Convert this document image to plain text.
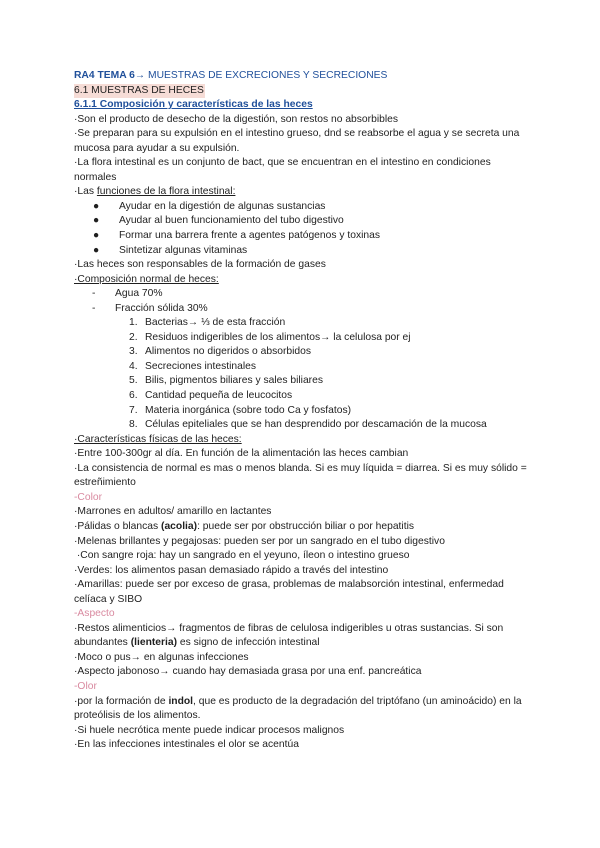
RA4 TEMA 6→ MUESTRAS DE EXCRECIONES Y SECRECIONES
6.1 MUESTRAS DE HECES
6.1.1 Composición y características de las heces
·Son el producto de desecho de la digestión, son restos no absorbibles
·Se preparan para su expulsión en el intestino grueso, dnd se reabsorbe el agua y se secreta una mucosa para ayudar a su expulsión.
·La flora intestinal es un conjunto de bact, que se encuentran en el intestino en condiciones normales
·Las funciones de la flora intestinal:
● Ayudar en la digestión de algunas sustancias
● Ayudar al buen funcionamiento del tubo digestivo
● Formar una barrera frente a agentes patógenos y toxinas
● Sintetizar algunas vitaminas
·Las heces son responsables de la formación de gases
·Composición normal de heces:
- Agua 70%
- Fracción sólida 30%
1. Bacterias→ ⅓ de esta fracción
2. Residuos indigeribles de los alimentos→ la celulosa por ej
3. Alimentos no digeridos o absorbidos
4. Secreciones intestinales
5. Bilis, pigmentos biliares y sales biliares
6. Cantidad pequeña de leucocitos
7. Materia inorgánica (sobre todo Ca y fosfatos)
8. Células epiteliales que se han desprendido por descamación de la mucosa
·Características físicas de las heces:
·Entre 100-300gr al día. En función de la alimentación las heces cambian
·La consistencia de normal es mas o menos blanda. Si es muy líquida = diarrea. Si es muy sólido = estreñimiento
-Color
·Marrones en adultos/ amarillo en lactantes
·Pálidas o blancas (acolia): puede ser por obstrucción biliar o por hepatitis
·Melenas brillantes y pegajosas: pueden ser por un sangrado en el tubo digestivo
·Con sangre roja: hay un sangrado en el yeyuno, íleon o intestino grueso
·Verdes: los alimentos pasan demasiado rápido a través del intestino
·Amarillas: puede ser por exceso de grasa, problemas de malabsorción intestinal, enfermedad celíaca y SIBO
-Aspecto
·Restos alimenticios→ fragmentos de fibras de celulosa indigeribles u otras sustancias. Si son abundantes (lienteria) es signo de infección intestinal
·Moco o pus→ en algunas infecciones
·Aspecto jabonoso→ cuando hay demasiada grasa por una enf. pancreática
-Olor
·por la formación de indol, que es producto de la degradación del triptófano (un aminoácido) en la proteólisis de los alimentos.
·Si huele necrótica mente puede indicar procesos malignos
·En las infecciones intestinales el olor se acentúa
